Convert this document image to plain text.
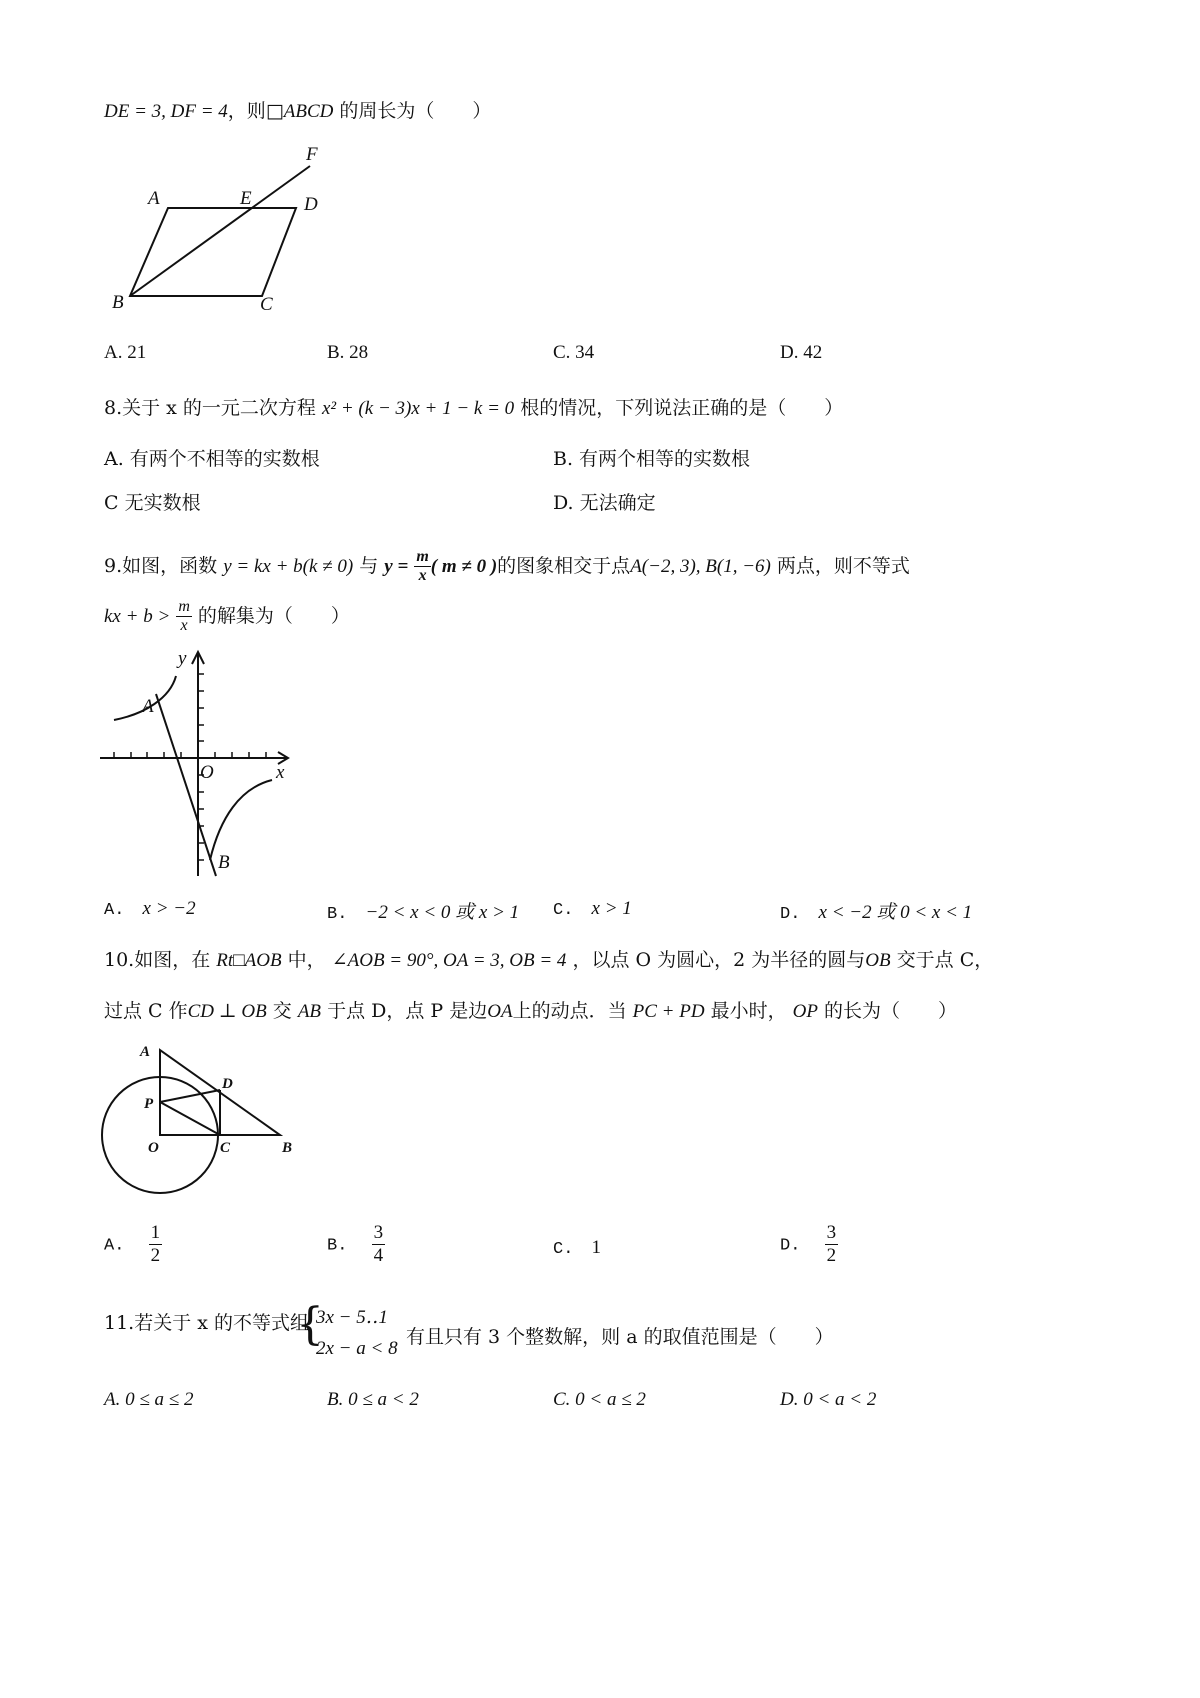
DE = 3, DF = 4，则□ABCD 的周长为（　　）
A	E	D
F
B	C
A. 21	B. 28	C. 34	D. 42
8.关于 x 的一元二次方程 x² + (k − 3)x + 1 − k = 0 根的情况，下列说法正确的是（　　）
A. 有两个不相等的实数根	B. 有两个相等的实数根
C 无实数根	D. 无法确定
9.如图，函数 y = kx + b(k ≠ 0) 与 $y = \frac{m}{x}$ ( m ≠ 0 )的图象相交于点A(−2, 3), B(1, −6) 两点，则不等式
kx + $b > \frac{m}{x}$ 的解集为（　　）
y
x
O
A
B
A. x > −2	B. −2 < x < 0 或 x > 1 C. x > 1	D. x < −2 或 0 < x < 1
10.如图，在 Rt□AOB 中， ∠AOB = 90°, OA = 3, OB = 4 ，以点 O 为圆心，2 为半径的圆与OB 交于点 C，
过点 C 作CD ⊥ OB 交 AB 于点 D，点 P 是边OA上的动点．当 PC + PD 最小时， OP 的长为（　　）
A
O
P
D
C	B
A. $\frac{1}{2}$	B. $\frac{3}{4}$	C. 1	D. $\frac{3}{2}$
11.若关于 x 的不等式组
{
3x − 5‥1
2x − a < 8
有且只有 3 个整数解，则 a 的取值范围是（　　）
A. 0 ≤ a ≤ 2	B. 0 ≤ a < 2	C. 0 < a ≤ 2	D. 0 < a < 2
